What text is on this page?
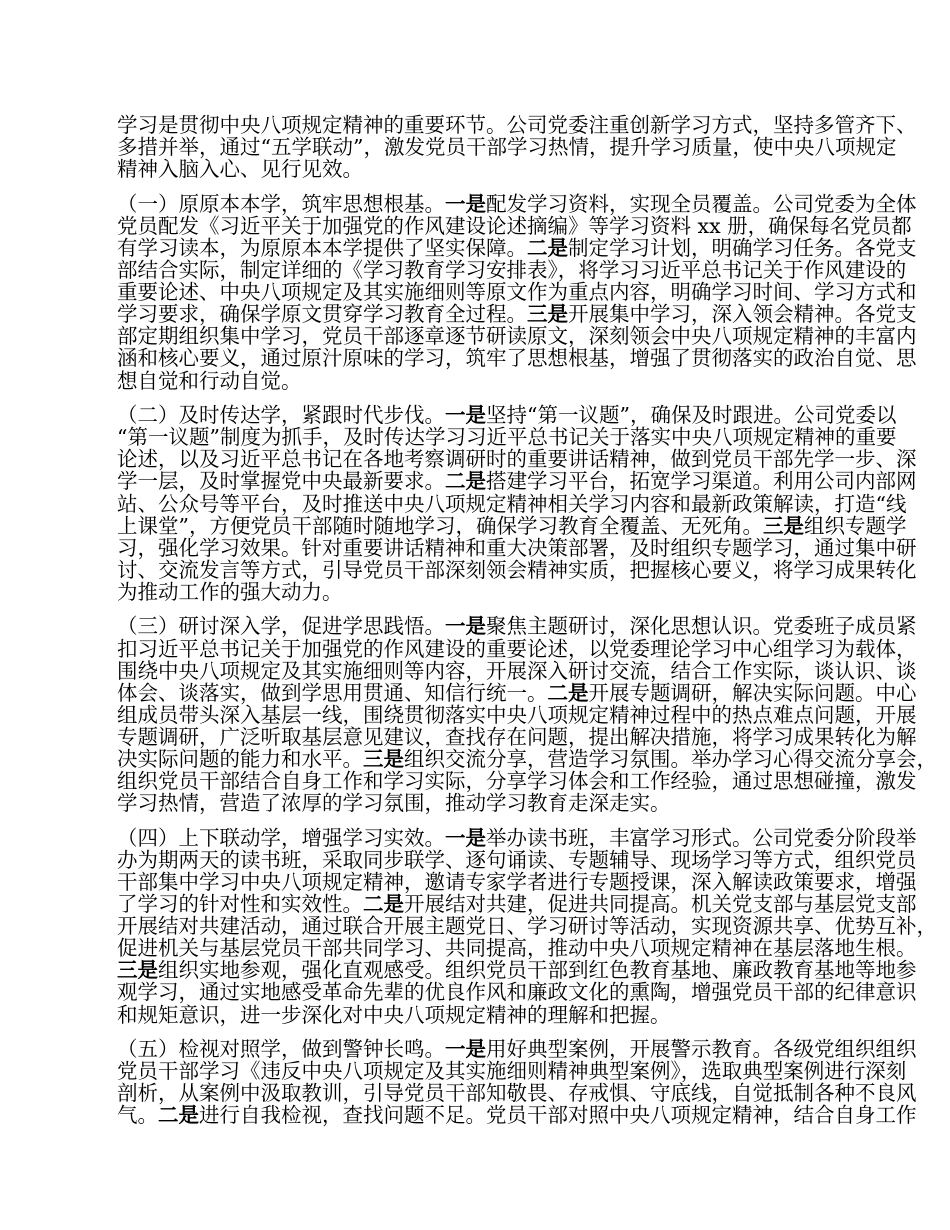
学习是贯彻中央八项规定精神的重要环节。公司党委注重创新学习方式，坚持多管齐下、
多措并举，通过“五学联动”，激发党员干部学习热情，提升学习质量，使中央八项规定
精神入脑入心、见行见效。
（一）原原本本学，筑牢思想根基。一是配发学习资料，实现全员覆盖。公司党委为全体
党员配发《习近平关于加强党的作风建设论述摘编》等学习资料 xx 册，确保每名党员都
有学习读本，为原原本本学提供了坚实保障。二是制定学习计划，明确学习任务。各党支
部结合实际，制定详细的《学习教育学习安排表》，将学习习近平总书记关于作风建设的
重要论述、中央八项规定及其实施细则等原文作为重点内容，明确学习时间、学习方式和
学习要求，确保学原文贯穿学习教育全过程。三是开展集中学习，深入领会精神。各党支
部定期组织集中学习，党员干部逐章逐节研读原文，深刻领会中央八项规定精神的丰富内
涵和核心要义，通过原汁原味的学习，筑牢了思想根基，增强了贯彻落实的政治自觉、思
想自觉和行动自觉。
（二）及时传达学，紧跟时代步伐。一是坚持“第一议题”，确保及时跟进。公司党委以
“第一议题”制度为抓手，及时传达学习习近平总书记关于落实中央八项规定精神的重要
论述，以及习近平总书记在各地考察调研时的重要讲话精神，做到党员干部先学一步、深
学一层，及时掌握党中央最新要求。二是搭建学习平台，拓宽学习渠道。利用公司内部网
站、公众号等平台，及时推送中央八项规定精神相关学习内容和最新政策解读，打造“线
上课堂”，方便党员干部随时随地学习，确保学习教育全覆盖、无死角。三是组织专题学
习，强化学习效果。针对重要讲话精神和重大决策部署，及时组织专题学习，通过集中研
讨、交流发言等方式，引导党员干部深刻领会精神实质，把握核心要义，将学习成果转化
为推动工作的强大动力。
（三）研讨深入学，促进学思践悟。一是聚焦主题研讨，深化思想认识。党委班子成员紧
扣习近平总书记关于加强党的作风建设的重要论述，以党委理论学习中心组学习为载体，
围绕中央八项规定及其实施细则等内容，开展深入研讨交流，结合工作实际，谈认识、谈
体会、谈落实，做到学思用贯通、知信行统一。二是开展专题调研，解决实际问题。中心
组成员带头深入基层一线，围绕贯彻落实中央八项规定精神过程中的热点难点问题，开展
专题调研，广泛听取基层意见建议，查找存在问题，提出解决措施，将学习成果转化为解
决实际问题的能力和水平。三是组织交流分享，营造学习氛围。举办学习心得交流分享会，
组织党员干部结合自身工作和学习实际，分享学习体会和工作经验，通过思想碰撞，激发
学习热情，营造了浓厚的学习氛围，推动学习教育走深走实。
（四）上下联动学，增强学习实效。一是举办读书班，丰富学习形式。公司党委分阶段举
办为期两天的读书班，采取同步联学、逐句诵读、专题辅导、现场学习等方式，组织党员
干部集中学习中央八项规定精神，邀请专家学者进行专题授课，深入解读政策要求，增强
了学习的针对性和实效性。二是开展结对共建，促进共同提高。机关党支部与基层党支部
开展结对共建活动，通过联合开展主题党日、学习研讨等活动，实现资源共享、优势互补，
促进机关与基层党员干部共同学习、共同提高，推动中央八项规定精神在基层落地生根。
三是组织实地参观，强化直观感受。组织党员干部到红色教育基地、廉政教育基地等地参
观学习，通过实地感受革命先辈的优良作风和廉政文化的熏陶，增强党员干部的纪律意识
和规矩意识，进一步深化对中央八项规定精神的理解和把握。
（五）检视对照学，做到警钟长鸣。一是用好典型案例，开展警示教育。各级党组织组织
党员干部学习《违反中央八项规定及其实施细则精神典型案例》，选取典型案例进行深刻
剖析，从案例中汲取教训，引导党员干部知敬畏、存戒惧、守底线，自觉抵制各种不良风
气。二是进行自我检视，查找问题不足。党员干部对照中央八项规定精神，结合自身工作
